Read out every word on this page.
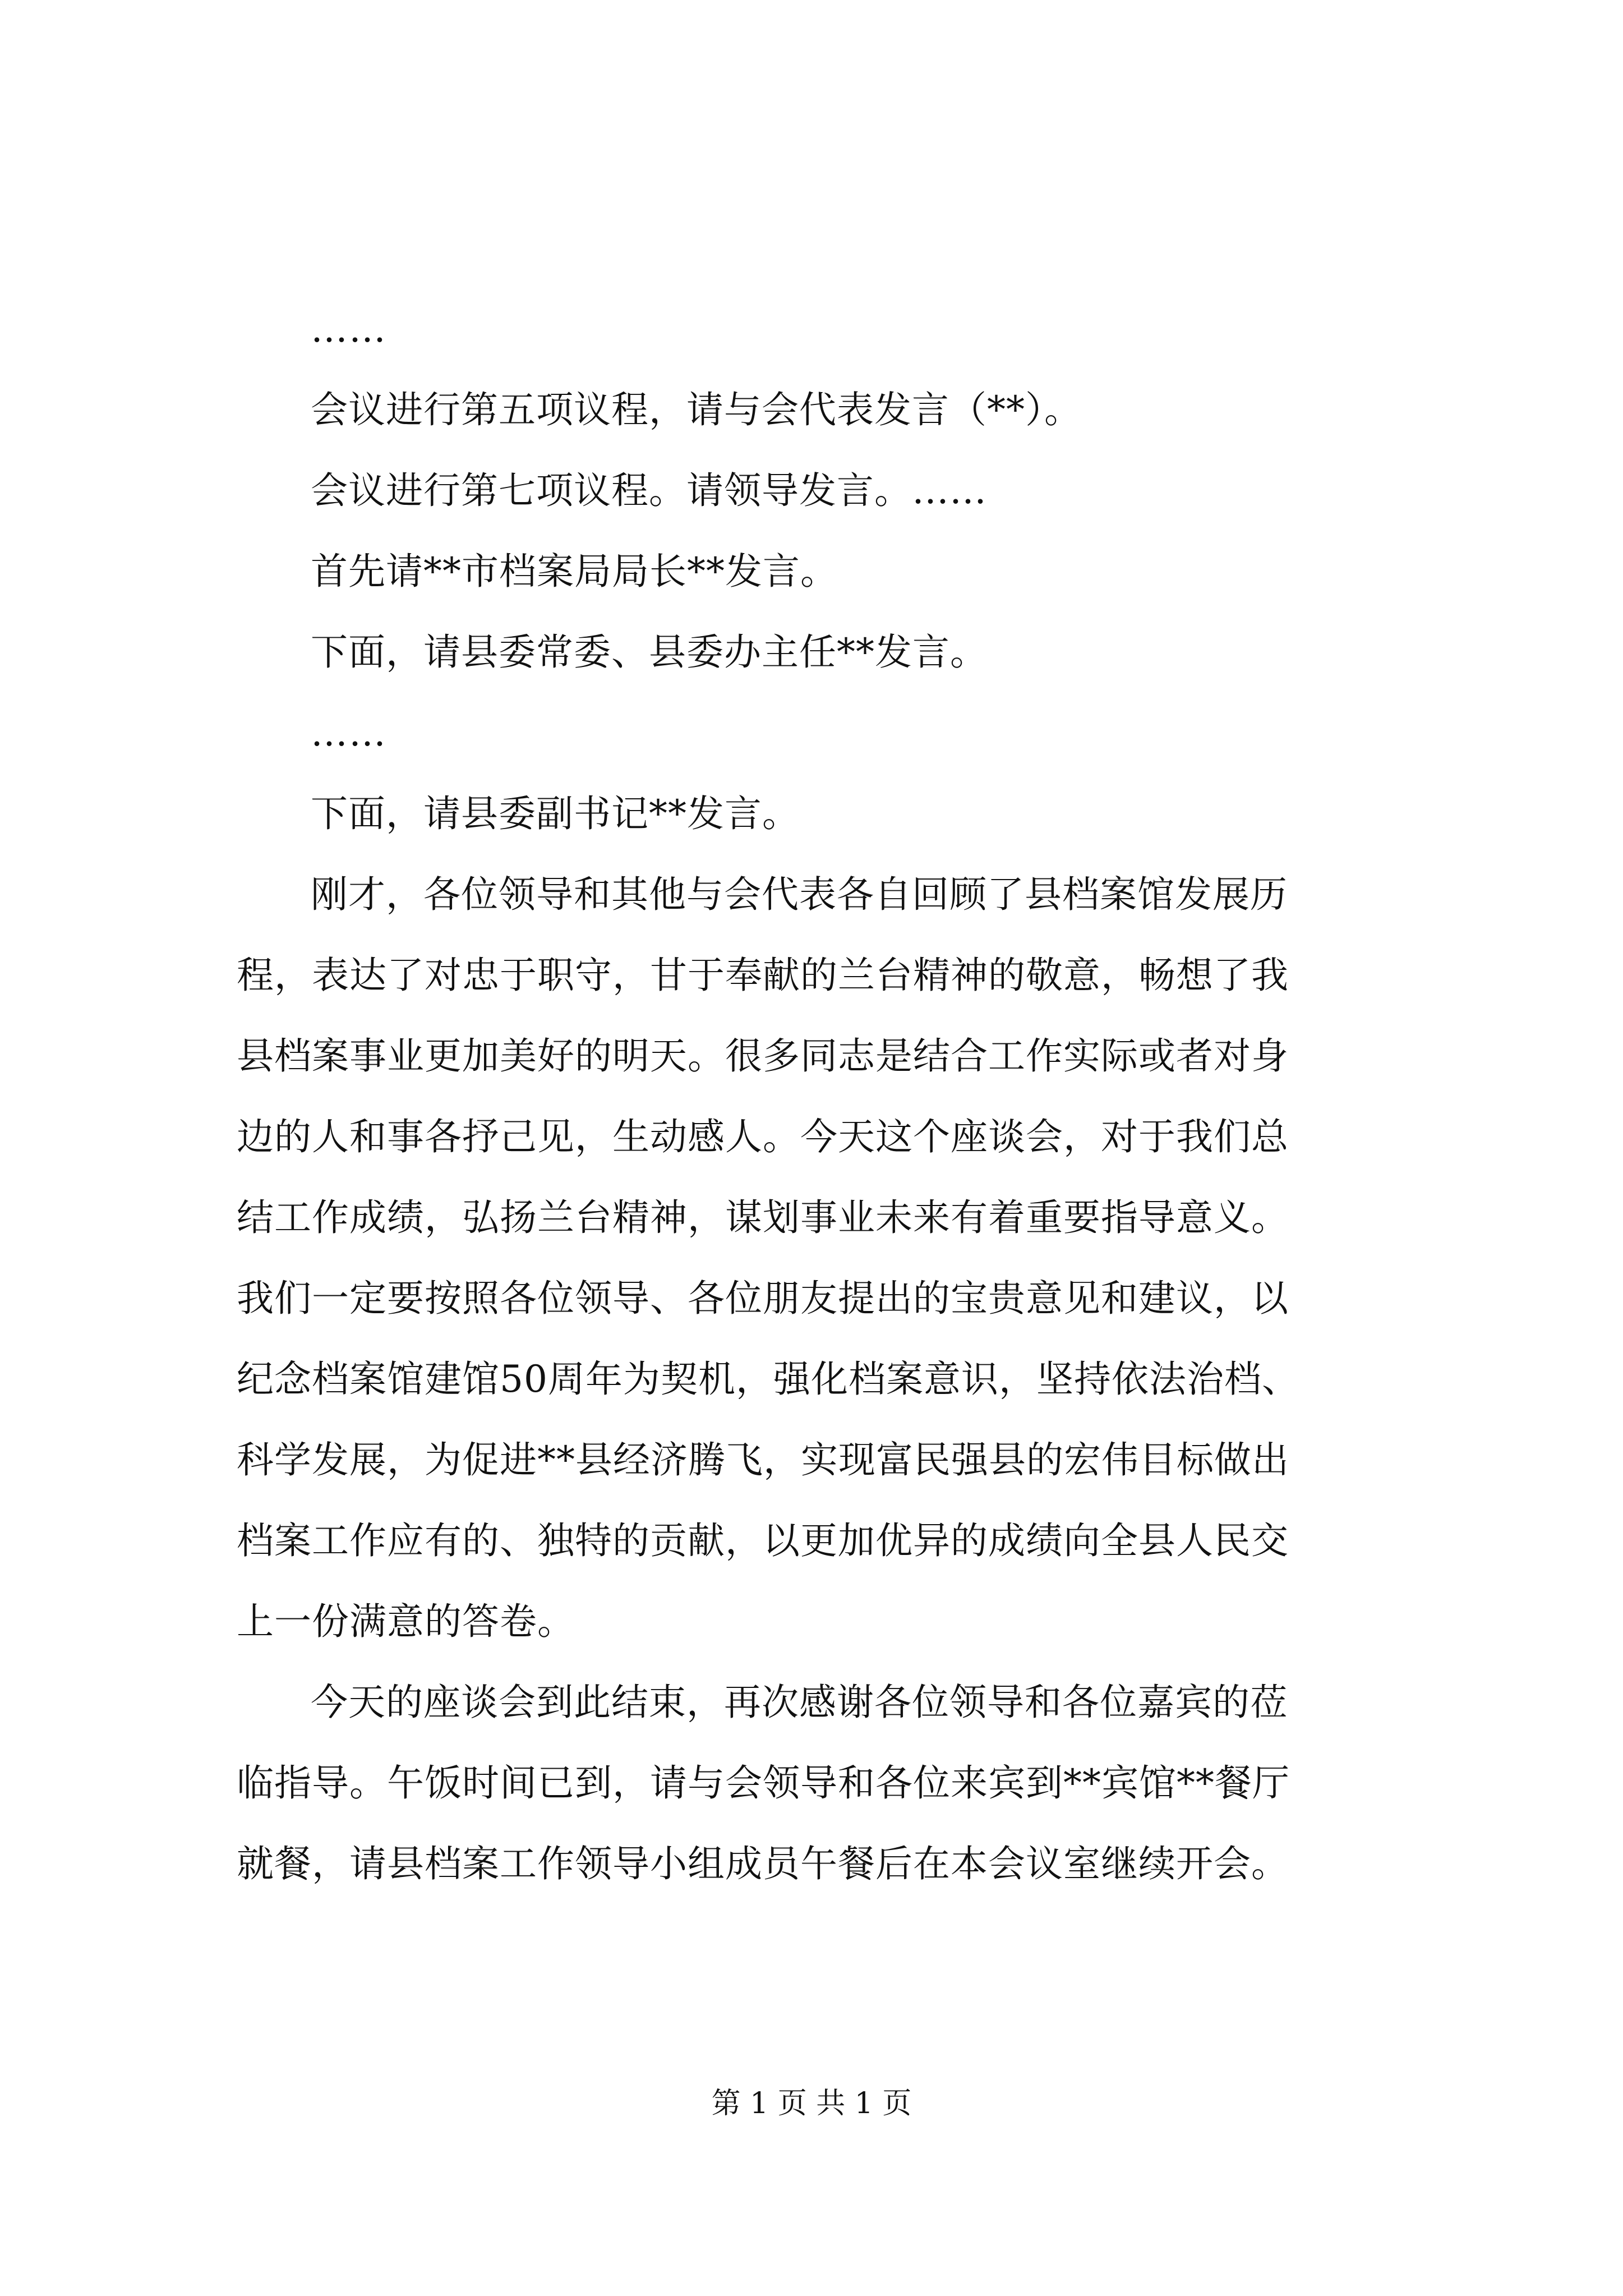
……
会议进行第五项议程，请与会代表发言（**）。
会议进行第七项议程。请领导发言。……
首先请**市档案局局长**发言。
下面，请县委常委、县委办主任**发言。
……
下面，请县委副书记**发言。
刚才，各位领导和其他与会代表各自回顾了县档案馆发展历
程，表达了对忠于职守，甘于奉献的兰台精神的敬意，畅想了我
县档案事业更加美好的明天。很多同志是结合工作实际或者对身
边的人和事各抒己见，生动感人。今天这个座谈会，对于我们总
结工作成绩，弘扬兰台精神，谋划事业未来有着重要指导意义。
我们一定要按照各位领导、各位朋友提出的宝贵意见和建议，以
纪念档案馆建馆50周年为契机，强化档案意识，坚持依法治档、
科学发展，为促进**县经济腾飞，实现富民强县的宏伟目标做出
档案工作应有的、独特的贡献，以更加优异的成绩向全县人民交
上一份满意的答卷。
今天的座谈会到此结束，再次感谢各位领导和各位嘉宾的莅
临指导。午饭时间已到，请与会领导和各位来宾到**宾馆**餐厅
就餐，请县档案工作领导小组成员午餐后在本会议室继续开会。
第 1 页 共 1 页
